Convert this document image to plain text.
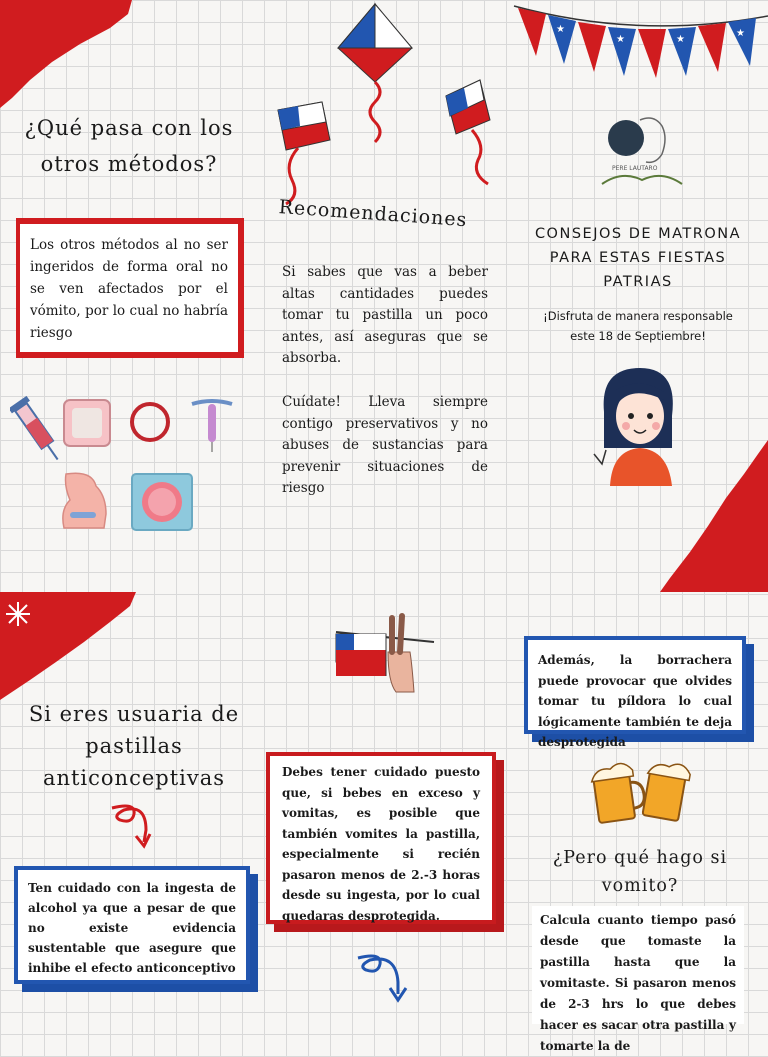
★
★	★
★
¿Qué pasa con los otros métodos?
Los otros métodos al no ser ingeridos de forma oral no se ven afectados por el vómito, por lo cual no habría riesgo
Recomendaciones
Si sabes que vas a beber altas cantidades puedes tomar tu pastilla un poco antes, así aseguras que se absorba.
Cuídate! Lleva siempre contigo preservativos y no abuses de sustancias para prevenir situaciones de riesgo
PERE LAUTARO
CONSEJOS DE MATRONA PARA ESTAS FIESTAS PATRIAS
¡Disfruta de manera responsable este 18 de Septiembre!
Si eres usuaria de pastillas anticonceptivas
Ten cuidado con la ingesta de alcohol ya que a pesar de que no existe evidencia sustentable que asegure que inhibe el efecto anticonceptivo
Debes tener cuidado puesto que, si bebes en exceso y vomitas, es posible que también vomites la pastilla, especialmente si recién pasaron menos de 2.-3 horas desde su ingesta, por lo cual quedaras desprotegida.
Además, la borrachera puede provocar que olvides tomar tu píldora lo cual lógicamente también te deja desprotegida
¿Pero qué hago si vomito?
Calcula cuanto tiempo pasó desde que tomaste la pastilla hasta que la vomitaste. Si pasaron menos de 2-3 hrs lo que debes hacer es sacar otra pastilla y tomarte la de
